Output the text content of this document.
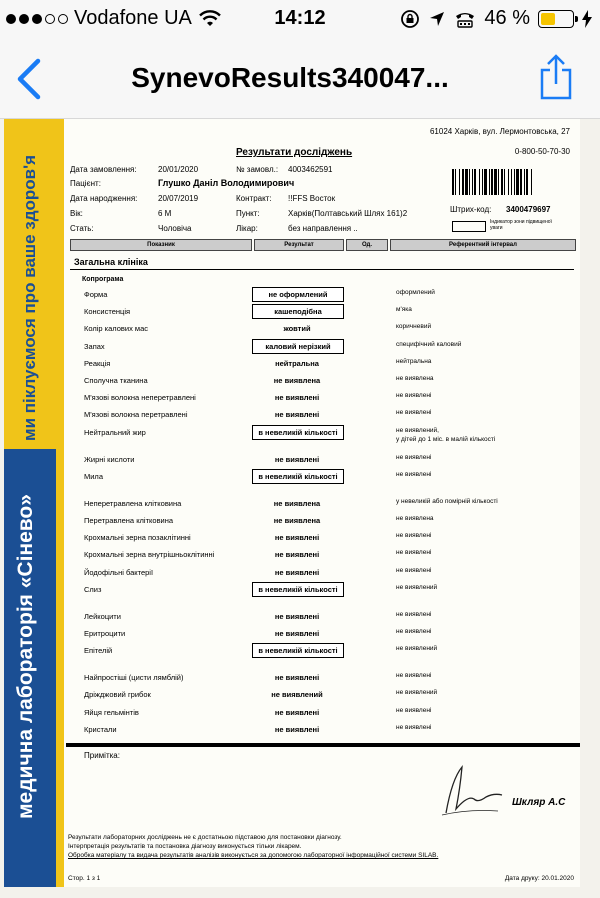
Vodafone UA	14:12	46 %
SynevoResults340047...
медична лабораторія «Сінево»
ми піклуємося про ваше здоров'я
61024 Харків, вул. Лермонтовська, 27
Результати досліджень	0-800-50-70-30
Дата замовлення:	20/01/2020	№ замовл.: 4003462591
Пацієнт:	Глушко Даніл Володимирович
Дата народження:	20/07/2019	Контракт: !!FFS Восток
Вік:	6 М	Пункт:	Харків(Полтавський Шлях 161)2
Стать:	Чоловіча	Лікар:	без направлення ..
Штрих-код: 3400479697
Індикатор зони підвищеної уваги
Показник	Результат	Од.	Референтний інтервал
Загальна клініка
Копрограма
Форма	не оформлений	оформлений
Консистенція	кашеподібна	м'яка
Колір калових мас	жовтий	коричневий
Запах	каловий нерізкий	специфічний каловий
Реакція	нейтральна	нейтральна
Сполучна тканина	не виявлена	не виявлена
М'язові волокна неперетравлені	не виявлені	не виявлені
М'язові волокна перетравлені	не виявлені	не виявлені
Нейтральний жир	в невеликій кількості	не виявлений,
у дітей до 1 міс. в малій кількості
Жирні кислоти	не виявлені	не виявлені
Мила	в невеликій кількості	не виявлені
Неперетравлена клітковина	не виявлена	у невеликій або помірній кількості
Перетравлена клітковина	не виявлена	не виявлена
Крохмальні зерна позаклітинні	не виявлені	не виявлені
Крохмальні зерна внутрішньоклітинні	не виявлені	не виявлені
Йодофільні бактерії	не виявлені	не виявлені
Слиз	в невеликій кількості	не виявлений
Лейкоцити	не виявлені	не виявлені
Еритроцити	не виявлені	не виявлені
Епітелій	в невеликій кількості	не виявлений
Найпростіші (цисти лямблій)	не виявлені	не виявлені
Дріжджовий грибок	не виявлений	не виявлений
Яйця гельмінтів	не виявлені	не виявлені
Кристали	не виявлені	не виявлені
Примітка:
Шкляр А.С
Результати лабораторних досліджень не є достатньою підставою для постановки діагнозу.
Інтерпретація результатів та постановка діагнозу виконується тільки лікарем.
Обробка матеріалу та видача результатів аналізів виконується за допомогою лабораторної інформаційної системи SILAB.
Стор. 1 з 1	Дата друку: 20.01.2020
